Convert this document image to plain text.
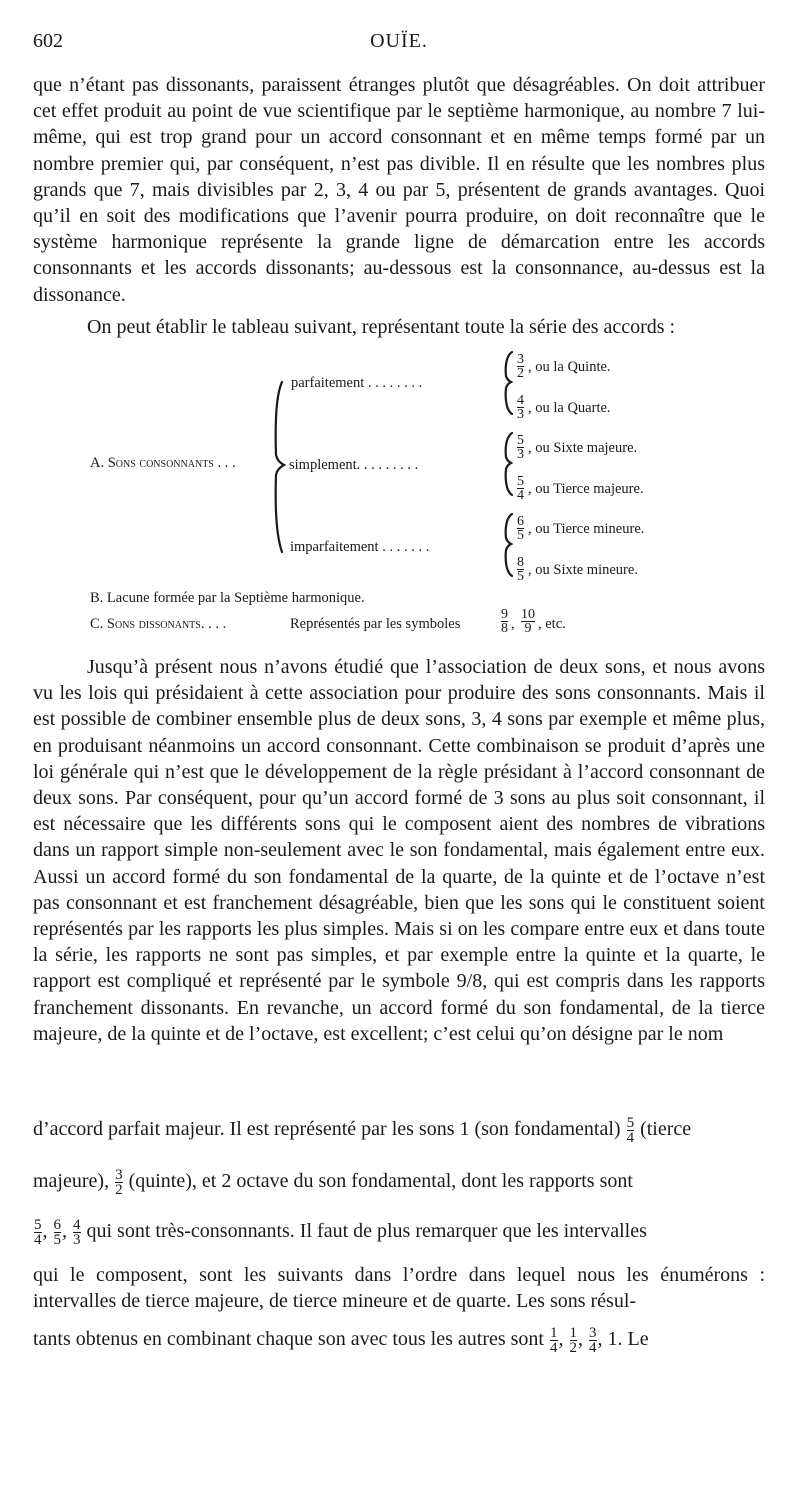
602	OUÏE.

que n’étant pas dissonants, paraissent étranges plutôt que désagréables. On doit attribuer cet effet produit au point de vue scientifique par le septième harmonique, au nombre 7 lui-même, qui est trop grand pour un accord consonnant et en même temps formé par un nombre premier qui, par conséquent, n’est pas divible. Il en résulte que les nombres plus grands que 7, mais divisibles par 2, 3, 4 ou par 5, présentent de grands avantages. Quoi qu’il en soit des modifications que l’avenir pourra produire, on doit reconnaître que le système harmonique représente la grande ligne de démarcation entre les accords consonnants et les accords dissonants; au-dessous est la consonnance, au-dessus est la dissonance.

On peut établir le tableau suivant, représentant toute la série des accords :

A. Sons consonnants . . .
parfaitement . . . . . . . .
simplement. . . . . . . . .
imparfaitement . . . . . . .
3
2 , ou la Quinte.
4
3 , ou la Quarte.
5
3 , ou Sixte majeure.
5
4 , ou Tierce majeure.
6
5 , ou Tierce mineure.
8
5 , ou Sixte mineure.
B. Lacune formée par la Septième harmonique.
C. Sons dissonants. . . .	Représentés par les symboles
9
8 ,
10
9 , etc.

Jusqu’à présent nous n’avons étudié que l’association de deux sons, et nous avons vu les lois qui présidaient à cette association pour produire des sons consonnants. Mais il est possible de combiner ensemble plus de deux sons, 3, 4 sons par exemple et même plus, en produisant néanmoins un accord consonnant. Cette combinaison se produit d’après une loi générale qui n’est que le développement de la règle présidant à l’accord consonnant de deux sons. Par conséquent, pour qu’un accord formé de 3 sons au plus soit consonnant, il est nécessaire que les différents sons qui le composent aient des nombres de vibrations dans un rapport simple non-seulement avec le son fondamental, mais également entre eux. Aussi un accord formé du son fondamental de la quarte, de la quinte et de l’octave n’est pas consonnant et est franchement désagréable, bien que les sons qui le constituent soient représentés par les rapports les plus simples. Mais si on les compare entre eux et dans toute la série, les rapports ne sont pas simples, et par exemple entre la quinte et la quarte, le rapport est compliqué et représenté par le symbole 9/8, qui est compris dans les rapports franchement dissonants. En revanche, un accord formé du son fondamental, de la tierce majeure, de la quinte et de l’octave, est excellent; c’est celui qu’on désigne par le nom

d’accord parfait majeur. Il est représenté par les sons 1 (son fondamental) $\frac{5}{4}$ (tierce

majeure), $\frac{3}{2}$ (quinte), et 2 octave du son fondamental, dont les rapports sont

$\frac{5}{4}$ , $\frac{6}{5}$ , $\frac{4}{3}$ qui sont très-consonnants. Il faut de plus remarquer que les intervalles

qui le composent, sont les suivants dans l’ordre dans lequel nous les énumérons : intervalles de tierce majeure, de tierce mineure et de quarte. Les sons résul-

tants obtenus en combinant chaque son avec tous les autres sont $\frac{1}{4}$ , $\frac{1}{2}$ , $\frac{3}{4}$ , 1. Le
